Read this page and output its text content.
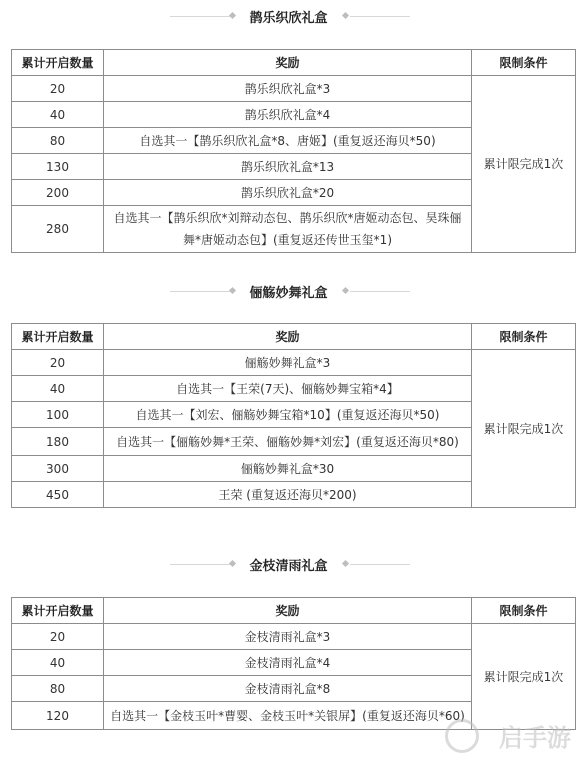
鹊乐织欣礼盒
累计开启数量	奖励	限制条件
20	鹊乐织欣礼盒*3	累计限完成1次
40	鹊乐织欣礼盒*4	
80	自选其一【鹊乐织欣礼盒*8、唐姬】(重复返还海贝*50)	
130	鹊乐织欣礼盒*13	
200	鹊乐织欣礼盒*20	
280	自选其一【鹊乐织欣*刘辩动态包、鹊乐织欣*唐姬动态包、昊珠俪舞*唐姬动态包】(重复返还传世玉玺*1)	
俪觞妙舞礼盒
累计开启数量	奖励	限制条件
20	俪觞妙舞礼盒*3	累计限完成1次
40	自选其一【王荣(7天)、俪觞妙舞宝箱*4】	
100	自选其一【刘宏、俪觞妙舞宝箱*10】(重复返还海贝*50)	
180	自选其一【俪觞妙舞*王荣、俪觞妙舞*刘宏】(重复返还海贝*80)	
300	俪觞妙舞礼盒*30	
450	王荣 (重复返还海贝*200)	
金枝清雨礼盒
累计开启数量	奖励	限制条件
20	金枝清雨礼盒*3	累计限完成1次
40	金枝清雨礼盒*4	
80	金枝清雨礼盒*8	
120	自选其一【金枝玉叶*曹婴、金枝玉叶*关银屏】(重复返还海贝*60)	
启手游
